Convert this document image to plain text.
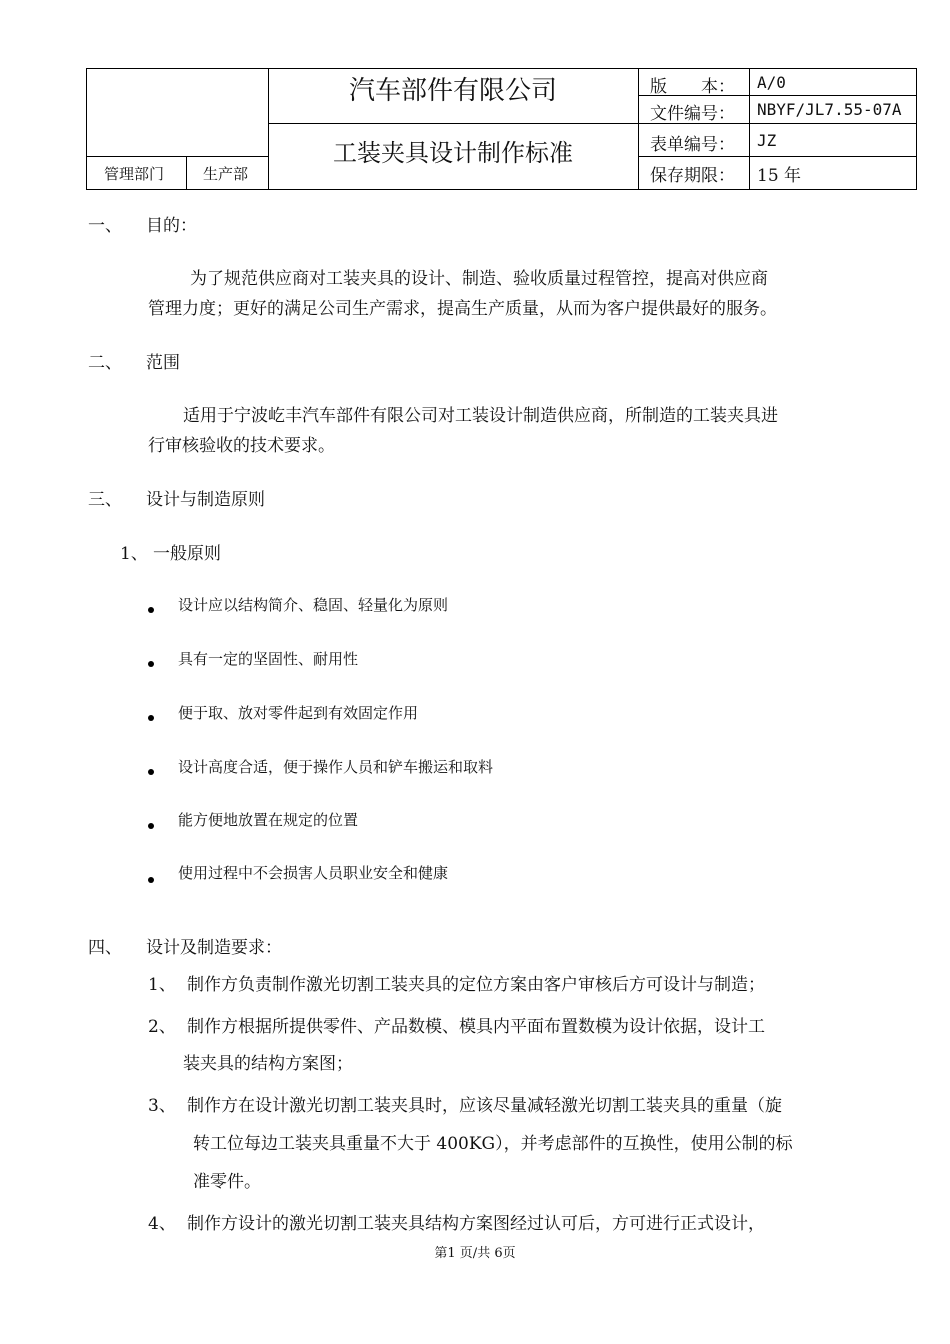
汽车部件有限公司
工装夹具设计制作标准
管理部门	生产部
版　　本： A/0
文件编号： NBYF/JL7.55-07A
表单编号： JZ
保存期限： 15 年
一、 目的：
为了规范供应商对工装夹具的设计、制造、验收质量过程管控，提高对供应商
管理力度；更好的满足公司生产需求，提高生产质量，从而为客户提供最好的服务。
二、 范围
适用于宁波屹丰汽车部件有限公司对工装设计制造供应商，所制造的工装夹具进
行审核验收的技术要求。
三、 设计与制造原则
1、 一般原则
设计应以结构简介、稳固、轻量化为原则
具有一定的坚固性、耐用性
便于取、放对零件起到有效固定作用
设计高度合适，便于操作人员和铲车搬运和取料
能方便地放置在规定的位置
使用过程中不会损害人员职业安全和健康
四、 设计及制造要求：
1、 制作方负责制作激光切割工装夹具的定位方案由客户审核后方可设计与制造；
2、 制作方根据所提供零件、产品数模、模具内平面布置数模为设计依据，设计工
装夹具的结构方案图；
3、 制作方在设计激光切割工装夹具时，应该尽量减轻激光切割工装夹具的重量（旋
转工位每边工装夹具重量不大于 400KG），并考虑部件的互换性，使用公制的标
准零件。
4、 制作方设计的激光切割工装夹具结构方案图经过认可后，方可进行正式设计，
第1 页/共 6页
